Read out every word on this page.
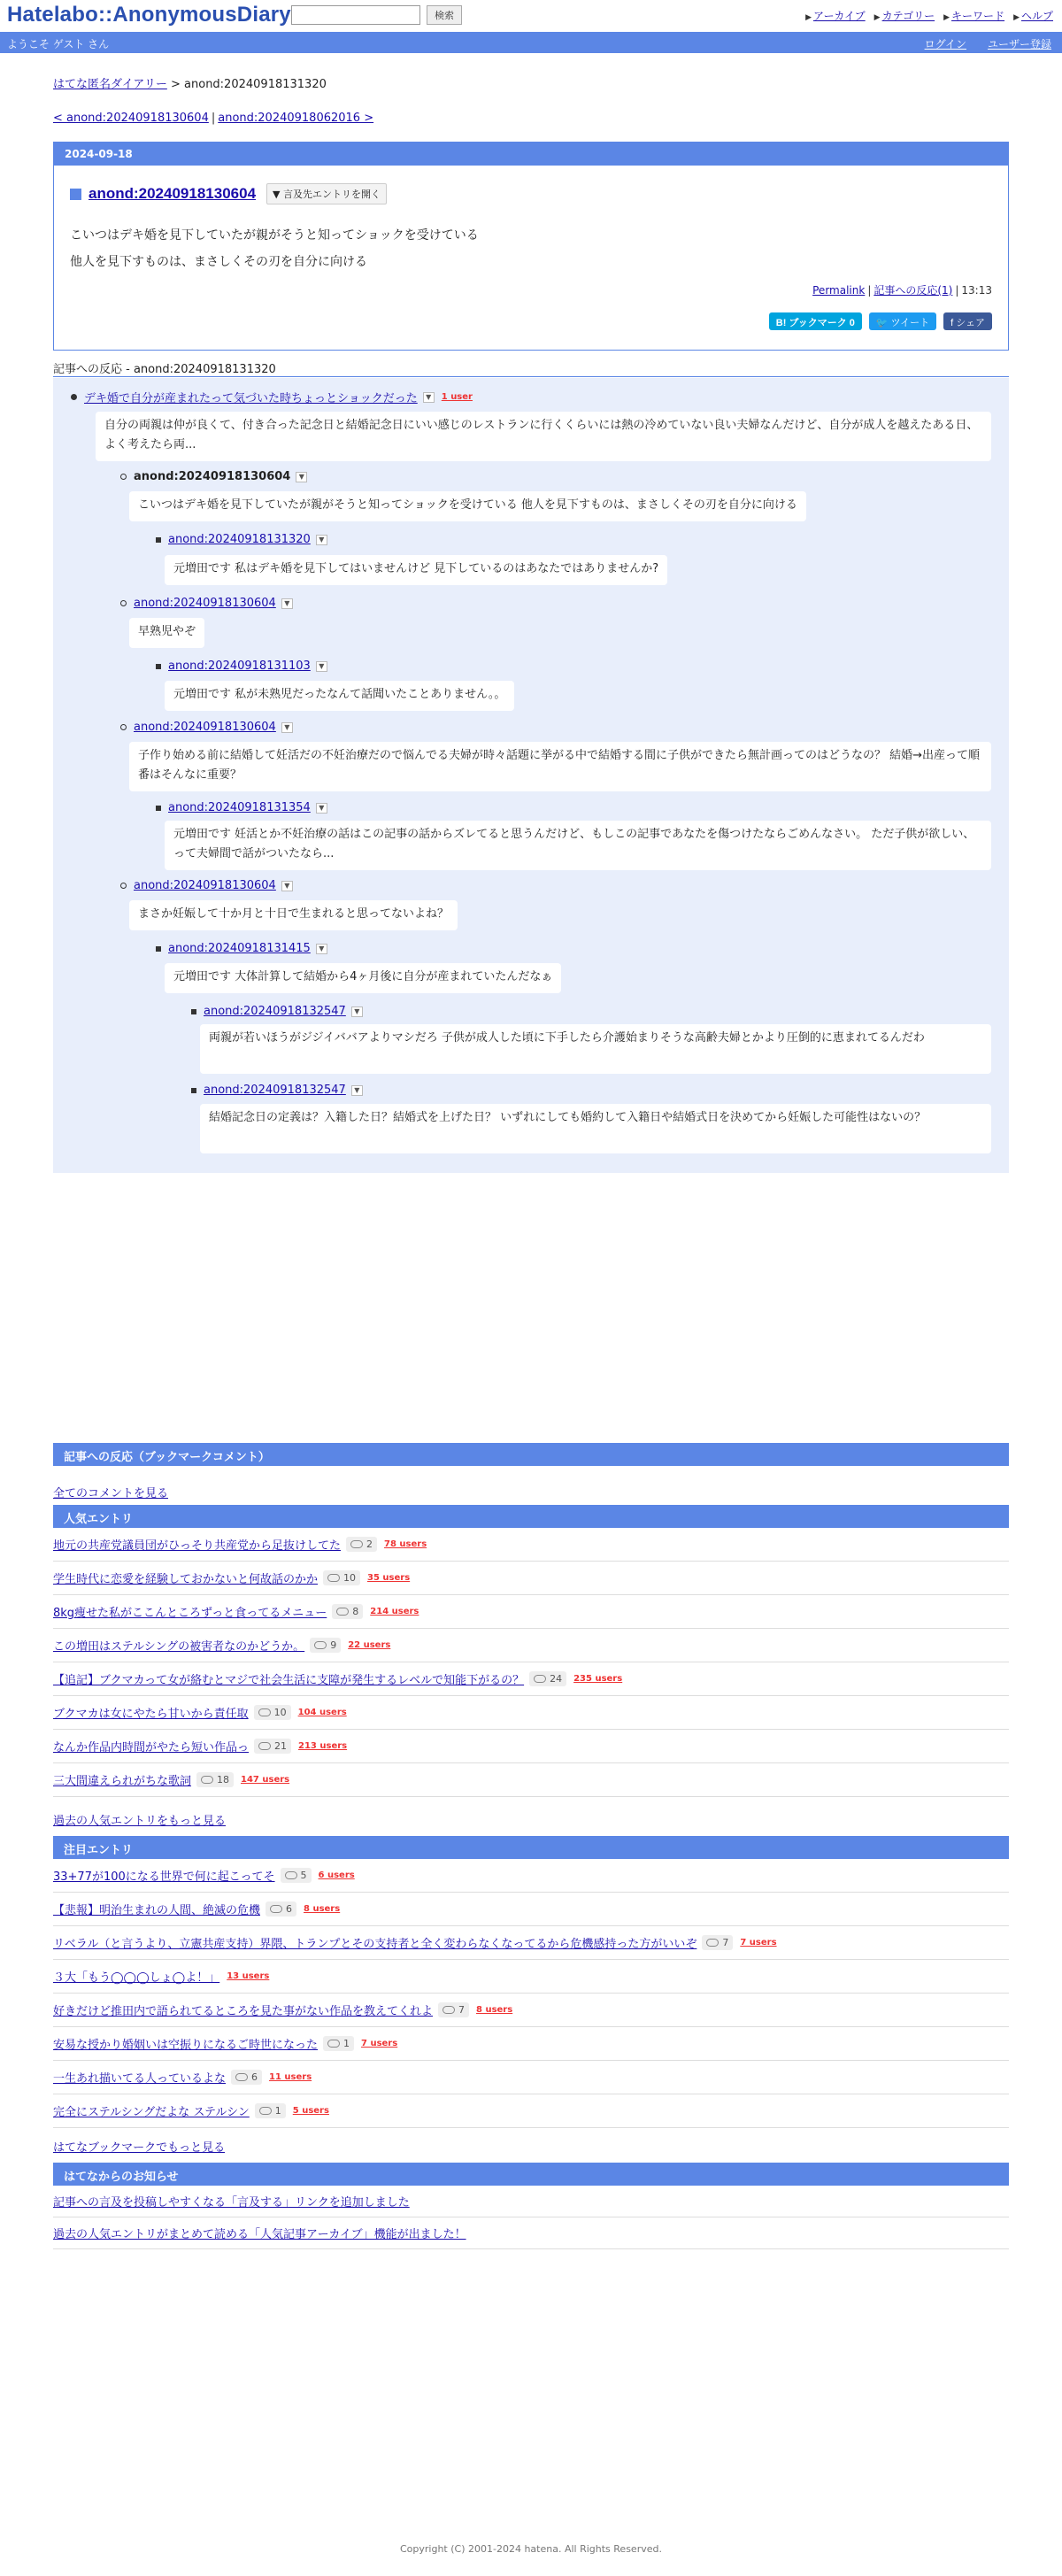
Hatelabo::AnonymousDiary	検索	▶ アーカイブ ▶ カテゴリー ▶ キーワード ▶ ヘルプ
ようこそ ゲスト さん	ログイン ユーザー登録
はてな匿名ダイアリー > anond:20240918131320
< anond:20240918130604 | anond:20240918062016 >
2024-09-18
anond:20240918130604	▼ 言及先エントリを開く
こいつはデキ婚を見下していたが親がそうと知ってショックを受けている
他人を見下すものは、まさしくその刃を自分に向ける
Permalink | 記事への反応(1) | 13:13
B! ブックマーク 0	🐦 ツイート	f シェア
記事への反応 - anond:20240918131320
デキ婚で自分が産まれたって気づいた時ちょっとショックだった	▼	1 user
自分の両親は仲が良くて、付き合った記念日と結婚記念日にいい感じのレストランに行くくらいには熱の冷めていない良い夫婦なんだけど、自分が成人を越えたある日、よく考えたら両...
anond:20240918130604	▼
こいつはデキ婚を見下していたが親がそうと知ってショックを受けている 他人を見下すものは、まさしくその刃を自分に向ける
anond:20240918131320	▼
元増田です 私はデキ婚を見下してはいませんけど 見下しているのはあなたではありませんか?
anond:20240918130604	▼
早熟児やぞ
anond:20240918131103	▼
元増田です 私が未熟児だったなんて話聞いたことありません。。
anond:20240918130604	▼
子作り始める前に結婚して妊活だの不妊治療だので悩んでる夫婦が時々話題に挙がる中で結婚する間に子供ができたら無計画ってのはどうなの？ 結婚→出産って順番はそんなに重要？
anond:20240918131354	▼
元増田です 妊活とか不妊治療の話はこの記事の話からズレてると思うんだけど、もしこの記事であなたを傷つけたならごめんなさい。 ただ子供が欲しい、って夫婦間で話がついたなら...
anond:20240918130604	▼
まさか妊娠して十か月と十日で生まれると思ってないよね？
anond:20240918131415	▼
元増田です 大体計算して結婚から4ヶ月後に自分が産まれていたんだなぁ
anond:20240918132547	▼
両親が若いほうがジジイババアよりマシだろ 子供が成人した頃に下手したら介護始まりそうな高齢夫婦とかより圧倒的に恵まれてるんだわ
anond:20240918132547	▼
結婚記念日の定義は？入籍した日？結婚式を上げた日？ いずれにしても婚約して入籍日や結婚式日を決めてから妊娠した可能性はないの？
記事への反応（ブックマークコメント）
全てのコメントを見る
人気エントリ
地元の共産党議員団がひっそり共産党から足抜けしてた	2 78 users
学生時代に恋愛を経験しておかないと何故話のかか	10 35 users
8kg痩せた私がここんところずっと食ってるメニュー	8 214 users
この増田はステルシングの被害者なのかどうか。	9 22 users
【追記】ブクマカって女が絡むとマジで社会生活に支障が発生するレベルで知能下がるの？	24 235 users
ブクマカは女にやたら甘いから責任取	10 104 users
なんか作品内時間がやたら短い作品っ	21 213 users
三大間違えられがちな歌詞	18 147 users
過去の人気エントリをもっと見る
注目エントリ
33+77が100になる世界で何に起こってそ	5 6 users
【悲報】明治生まれの人間、絶滅の危機	6 8 users
リベラル（と言うより、立憲共産支持）界隈、トランプとその支持者と全く変わらなくなってるから危機感持った方がいいぞ	7 7 users
３大「もう◯◯◯しょ◯よ！」 13 users
好きだけど推田内で語られてるところを見た事がない作品を教えてくれよ	7 8 users
安易な授かり婚姻いは空振りになるご時世になった	1 7 users
一生あれ描いてる人っているよな	6 11 users
完全にステルシングだよな ステルシン	1 5 users
はてなブックマークでもっと見る
はてなからのお知らせ
記事への言及を投稿しやすくなる「言及する」リンクを追加しました
過去の人気エントリがまとめて読める「人気記事アーカイブ」機能が出ました！
Copyright (C) 2001-2024 hatena. All Rights Reserved.
